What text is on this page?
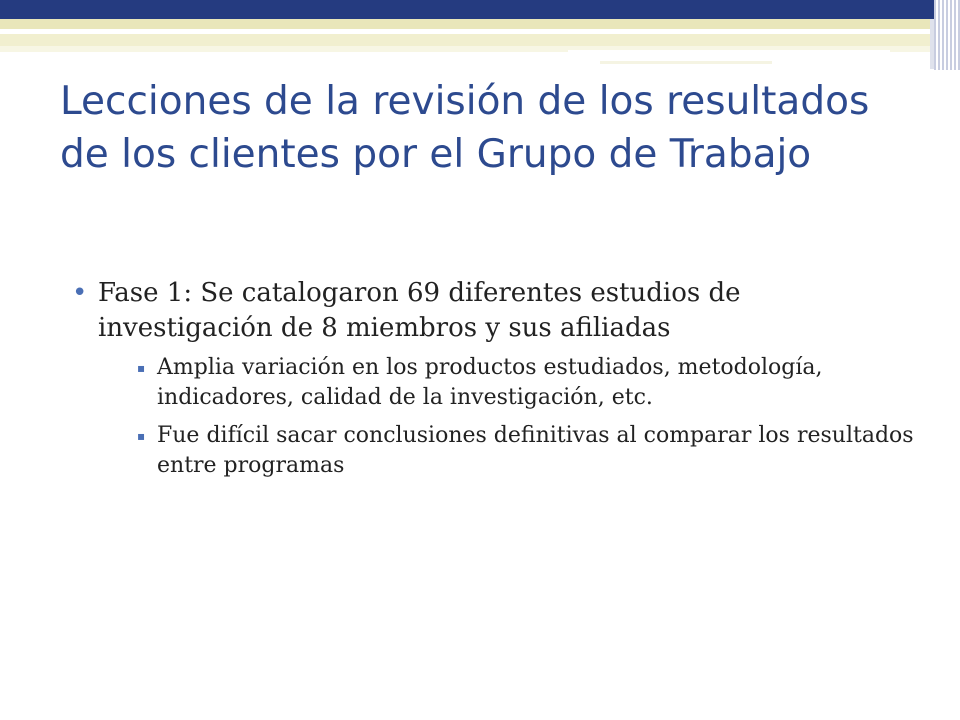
Lecciones de la revisión de los resultados de los clientes por el Grupo de Trabajo
• Fase 1: Se catalogaron 69 diferentes estudios de investigación de 8 miembros y sus afiliadas
▪ Amplia variación en los productos estudiados, metodología, indicadores, calidad de la investigación, etc.
▪ Fue difícil sacar conclusiones definitivas al comparar los resultados entre programas
